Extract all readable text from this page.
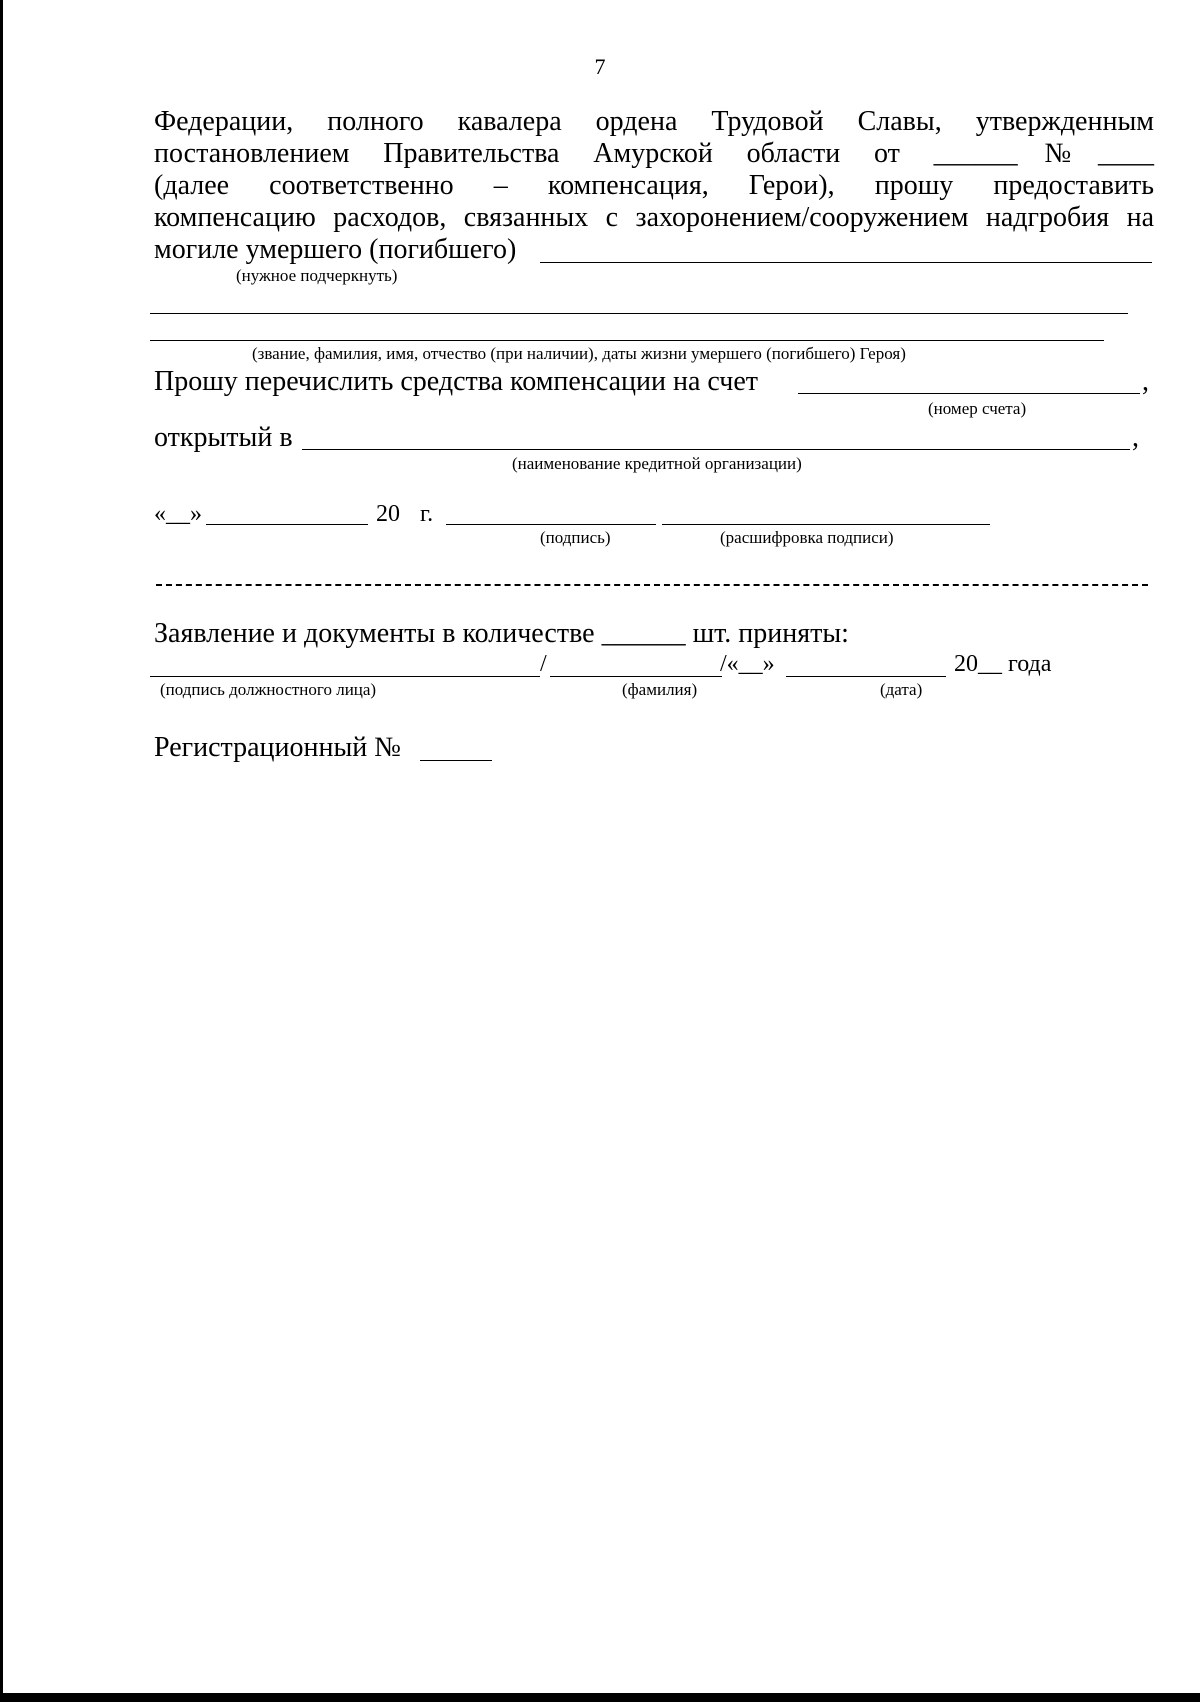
7
Федерации, полного кавалера ордена Трудовой Славы, утвержденным
постановлением Правительства Амурской области от ______№____
(далее соответственно – компенсация, Герои), прошу предоставить
компенсацию расходов, связанных с захоронением/сооружением надгробия на
могиле умершего (погибшего)
(нужное подчеркнуть)
(звание, фамилия, имя, отчество (при наличии), даты жизни умершего (погибшего) Героя)
Прошу перечислить средства компенсации на счет	,
(номер счета)
открытый в	,
(наименование кредитной организации)
«__»	20 г.
(подпись)	(расшифровка подписи)
Заявление и документы в количестве ______ шт. приняты:
/	/«__»	20__ года
(подпись должностного лица)	(фамилия)	(дата)
Регистрационный №
